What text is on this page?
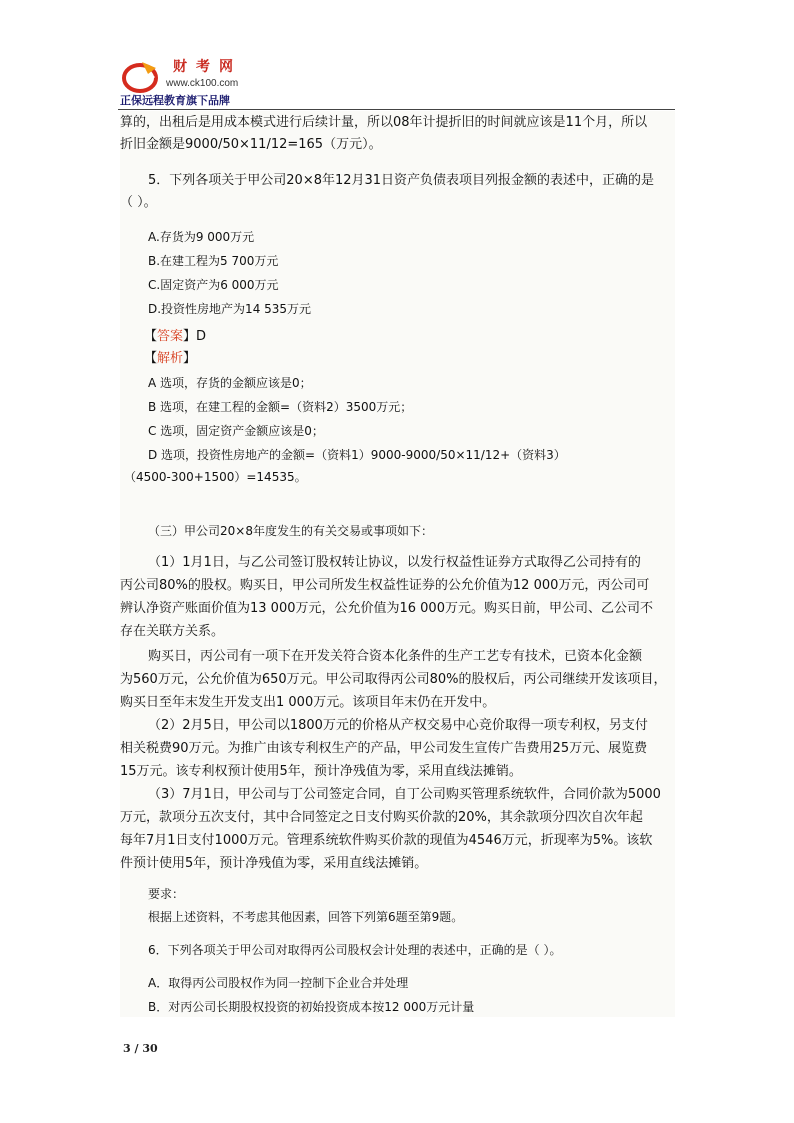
财考网
www.ck100.com
正保远程教育旗下品牌
算的，出租后是用成本模式进行后续计量，所以08年计提折旧的时间就应该是11个月，所以
折旧金额是9000/50×11/12=165（万元）。
5．下列各项关于甲公司20×8年12月31日资产负债表项目列报金额的表述中，正确的是
（ ）。
A.存货为9 000万元
B.在建工程为5 700万元
C.固定资产为6 000万元
D.投资性房地产为14 535万元
【答案】D
【解析】
A 选项，存货的金额应该是0；
B 选项，在建工程的金额=（资料2）3500万元；
C 选项，固定资产金额应该是0；
D 选项，投资性房地产的金额=（资料1）9000-9000/50×11/12+（资料3）
（4500-300+1500）=14535。
（三）甲公司20×8年度发生的有关交易或事项如下：
（1）1月1日，与乙公司签订股权转让协议，以发行权益性证券方式取得乙公司持有的
丙公司80%的股权。购买日，甲公司所发生权益性证券的公允价值为12 000万元，丙公司可
辨认净资产账面价值为13 000万元，公允价值为16 000万元。购买日前，甲公司、乙公司不
存在关联方关系。
购买日，丙公司有一项下在开发关符合资本化条件的生产工艺专有技术，已资本化金额
为560万元，公允价值为650万元。甲公司取得丙公司80%的股权后，丙公司继续开发该项目，
购买日至年末发生开发支出1 000万元。该项目年末仍在开发中。
（2）2月5日，甲公司以1800万元的价格从产权交易中心竞价取得一项专利权，另支付
相关税费90万元。为推广由该专利权生产的产品，甲公司发生宣传广告费用25万元、展览费
15万元。该专利权预计使用5年，预计净残值为零，采用直线法摊销。
（3）7月1日，甲公司与丁公司签定合同，自丁公司购买管理系统软件，合同价款为5000
万元，款项分五次支付，其中合同签定之日支付购买价款的20%，其余款项分四次自次年起
每年7月1日支付1000万元。管理系统软件购买价款的现值为4546万元，折现率为5%。该软
件预计使用5年，预计净残值为零，采用直线法摊销。
要求：
根据上述资料，不考虑其他因素，回答下列第6题至第9题。
6．下列各项关于甲公司对取得丙公司股权会计处理的表述中，正确的是（ ）。
A．取得丙公司股权作为同一控制下企业合并处理
B．对丙公司长期股权投资的初始投资成本按12 000万元计量
3 / 30
